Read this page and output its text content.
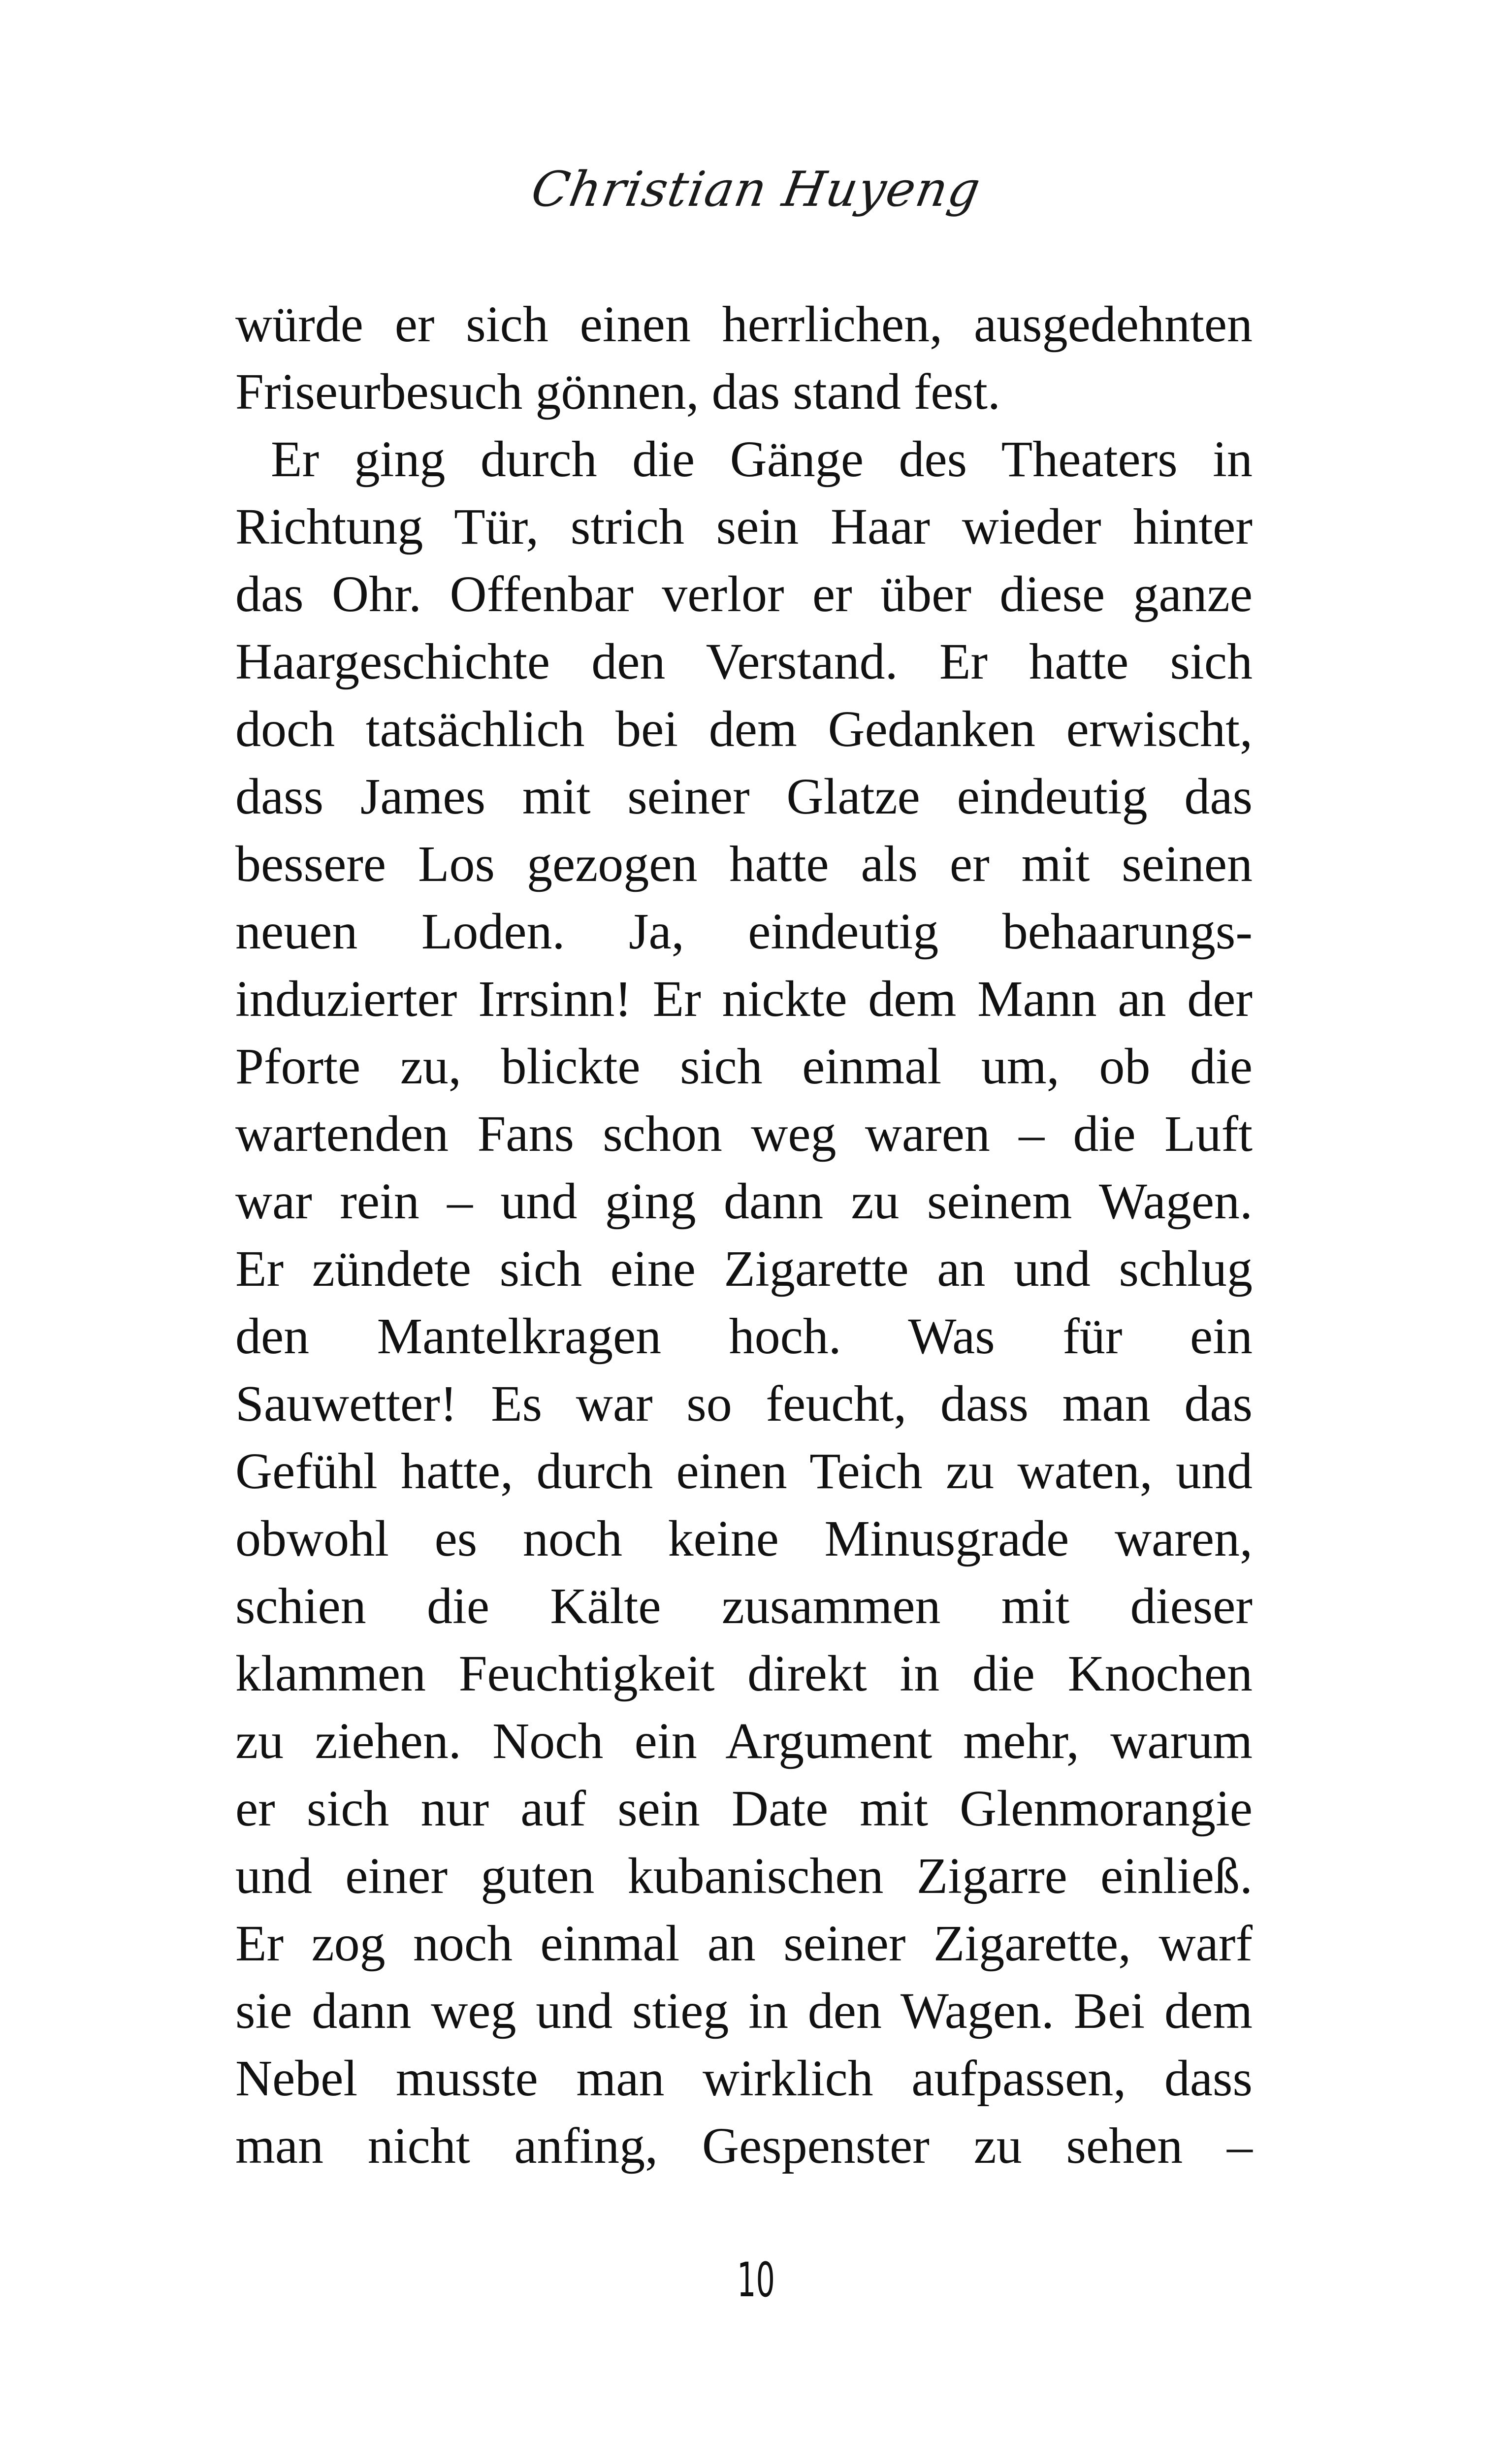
Christian Huyeng
würde er sich einen herrlichen, ausgedehnten
Friseurbesuch gönnen, das stand fest.
Er ging durch die Gänge des Theaters in
Richtung Tür, strich sein Haar wieder hinter
das Ohr. Offenbar verlor er über diese ganze
Haargeschichte den Verstand. Er hatte sich
doch tatsächlich bei dem Gedanken erwischt,
dass James mit seiner Glatze eindeutig das
bessere Los gezogen hatte als er mit seinen
neuen Loden. Ja, eindeutig behaarungs-
induzierter Irrsinn! Er nickte dem Mann an der
Pforte zu, blickte sich einmal um, ob die
wartenden Fans schon weg waren – die Luft
war rein – und ging dann zu seinem Wagen.
Er zündete sich eine Zigarette an und schlug
den Mantelkragen hoch. Was für ein
Sauwetter! Es war so feucht, dass man das
Gefühl hatte, durch einen Teich zu waten, und
obwohl es noch keine Minusgrade waren,
schien die Kälte zusammen mit dieser
klammen Feuchtigkeit direkt in die Knochen
zu ziehen. Noch ein Argument mehr, warum
er sich nur auf sein Date mit Glenmorangie
und einer guten kubanischen Zigarre einließ.
Er zog noch einmal an seiner Zigarette, warf
sie dann weg und stieg in den Wagen. Bei dem
Nebel musste man wirklich aufpassen, dass
man nicht anfing, Gespenster zu sehen –
10
